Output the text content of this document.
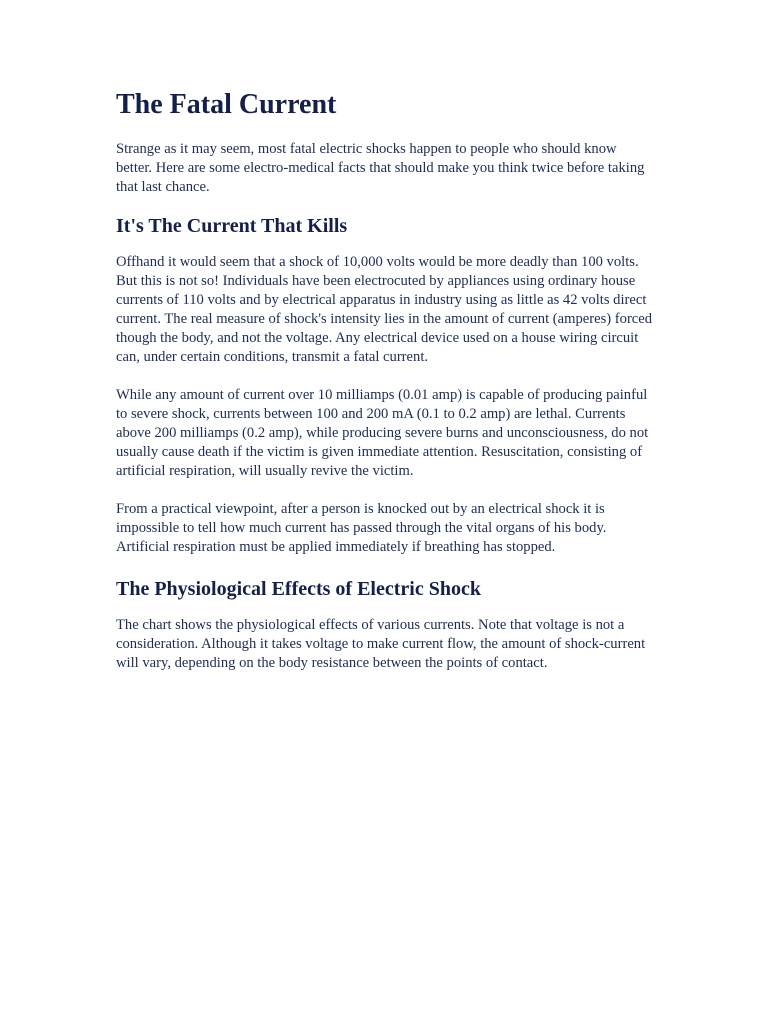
The Fatal Current

Strange as it may seem, most fatal electric shocks happen to people who should know better. Here are some electro-medical facts that should make you think twice before taking that last chance.

It's The Current That Kills

Offhand it would seem that a shock of 10,000 volts would be more deadly than 100 volts. But this is not so! Individuals have been electrocuted by appliances using ordinary house currents of 110 volts and by electrical apparatus in industry using as little as 42 volts direct current. The real measure of shock's intensity lies in the amount of current (amperes) forced though the body, and not the voltage. Any electrical device used on a house wiring circuit can, under certain conditions, transmit a fatal current.

While any amount of current over 10 milliamps (0.01 amp) is capable of producing painful to severe shock, currents between 100 and 200 mA (0.1 to 0.2 amp) are lethal. Currents above 200 milliamps (0.2 amp), while producing severe burns and unconsciousness, do not usually cause death if the victim is given immediate attention. Resuscitation, consisting of artificial respiration, will usually revive the victim.

From a practical viewpoint, after a person is knocked out by an electrical shock it is impossible to tell how much current has passed through the vital organs of his body. Artificial respiration must be applied immediately if breathing has stopped.

The Physiological Effects of Electric Shock

The chart shows the physiological effects of various currents. Note that voltage is not a consideration. Although it takes voltage to make current flow, the amount of shock-current will vary, depending on the body resistance between the points of contact.
